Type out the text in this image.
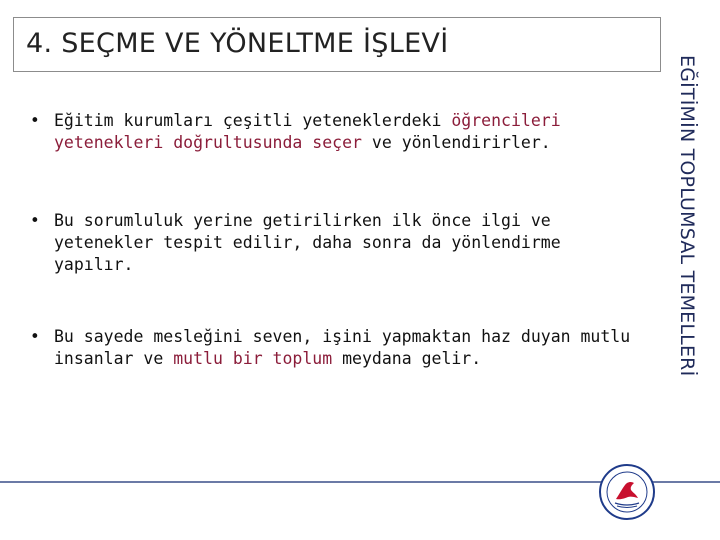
4. SEÇME VE YÖNELTME İŞLEVİ
EĞİTİMİN TOPLUMSAL TEMELLERİ
• Eğitim kurumları çeşitli yeteneklerdeki öğrencileri yetenekleri doğrultusunda seçer ve yönlendirirler.
• Bu sorumluluk yerine getirilirken ilk önce ilgi ve yetenekler tespit edilir, daha sonra da yönlendirme yapılır.
• Bu sayede mesleğini seven, işini yapmaktan haz duyan mutlu insanlar ve mutlu bir toplum meydana gelir.
